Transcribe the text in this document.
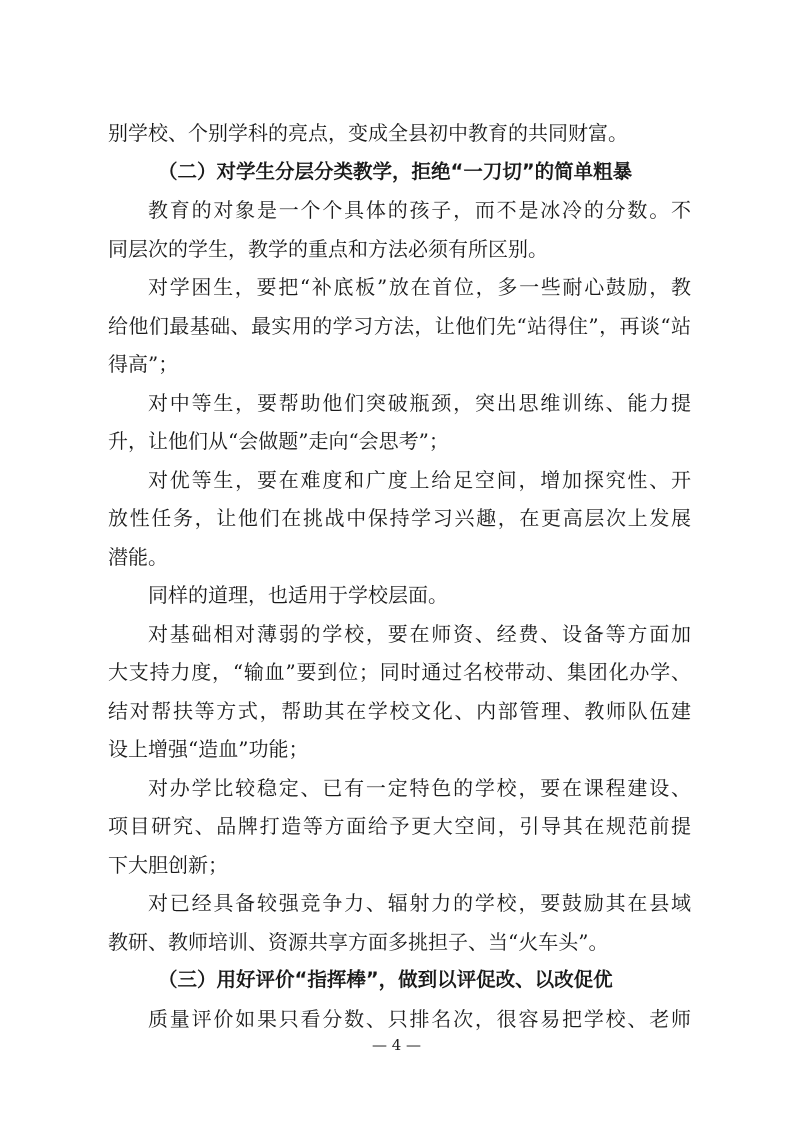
别学校、个别学科的亮点，变成全县初中教育的共同财富。
（二）对学生分层分类教学，拒绝“一刀切”的简单粗暴
教育的对象是一个个具体的孩子，而不是冰冷的分数。不
同层次的学生，教学的重点和方法必须有所区别。
对学困生，要把“补底板”放在首位，多一些耐心鼓励，教
给他们最基础、最实用的学习方法，让他们先“站得住”，再谈“站
得高”；
对中等生，要帮助他们突破瓶颈，突出思维训练、能力提
升，让他们从“会做题”走向“会思考”；
对优等生，要在难度和广度上给足空间，增加探究性、开
放性任务，让他们在挑战中保持学习兴趣，在更高层次上发展
潜能。
同样的道理，也适用于学校层面。
对基础相对薄弱的学校，要在师资、经费、设备等方面加
大支持力度，“输血”要到位；同时通过名校带动、集团化办学、
结对帮扶等方式，帮助其在学校文化、内部管理、教师队伍建
设上增强“造血”功能；
对办学比较稳定、已有一定特色的学校，要在课程建设、
项目研究、品牌打造等方面给予更大空间，引导其在规范前提
下大胆创新；
对已经具备较强竞争力、辐射力的学校，要鼓励其在县域
教研、教师培训、资源共享方面多挑担子、当“火车头”。
（三）用好评价“指挥棒”，做到以评促改、以改促优
质量评价如果只看分数、只排名次，很容易把学校、老师
— 4 —
